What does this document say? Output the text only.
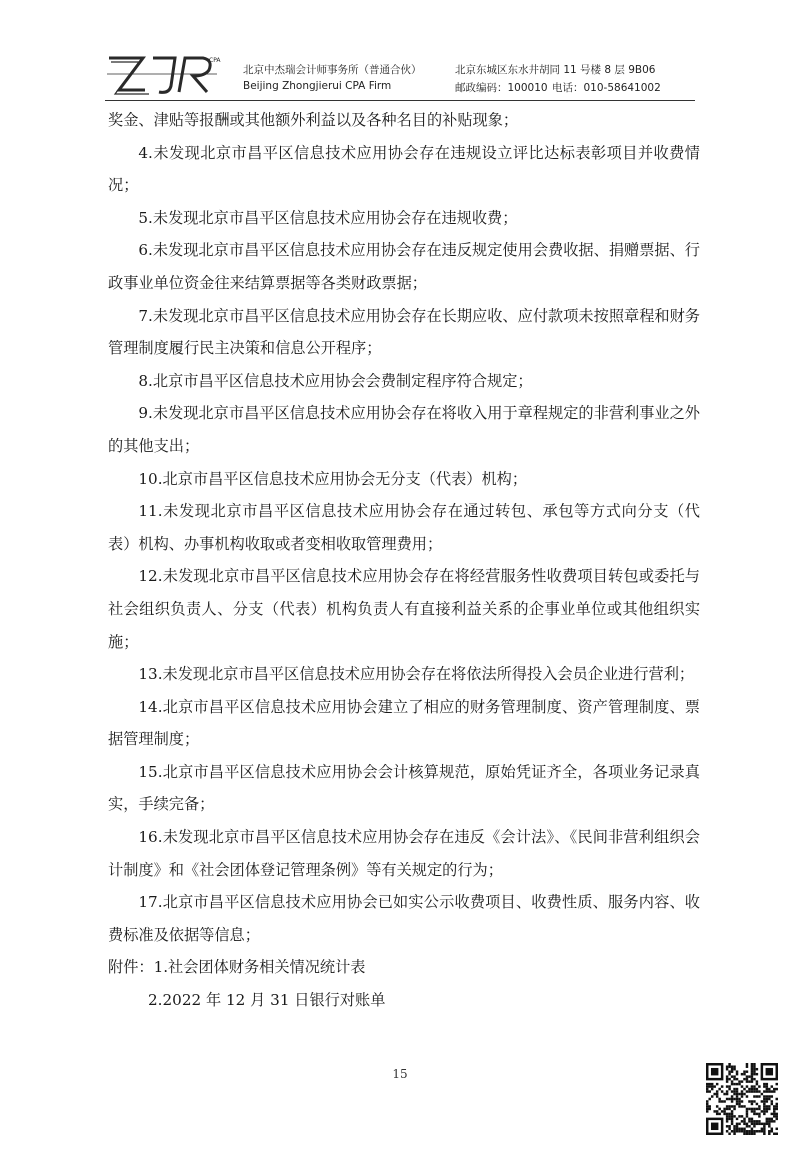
CPA
北京中杰瑞会计师事务所（普通合伙）
Beijing Zhongjierui CPA Firm
北京东城区东水井胡同 11 号楼 8 层 9B06
邮政编码：100010 电话：010-58641002

奖金、津贴等报酬或其他额外利益以及各种名目的补贴现象；

4.未发现北京市昌平区信息技术应用协会存在违规设立评比达标表彰项目并收费情况；

5.未发现北京市昌平区信息技术应用协会存在违规收费；

6.未发现北京市昌平区信息技术应用协会存在违反规定使用会费收据、捐赠票据、行政事业单位资金往来结算票据等各类财政票据；

7.未发现北京市昌平区信息技术应用协会存在长期应收、应付款项未按照章程和财务管理制度履行民主决策和信息公开程序；

8.北京市昌平区信息技术应用协会会费制定程序符合规定；

9.未发现北京市昌平区信息技术应用协会存在将收入用于章程规定的非营利事业之外的其他支出；

10.北京市昌平区信息技术应用协会无分支（代表）机构；

11.未发现北京市昌平区信息技术应用协会存在通过转包、承包等方式向分支（代表）机构、办事机构收取或者变相收取管理费用；

12.未发现北京市昌平区信息技术应用协会存在将经营服务性收费项目转包或委托与社会组织负责人、分支（代表）机构负责人有直接利益关系的企事业单位或其他组织实施；

13.未发现北京市昌平区信息技术应用协会存在将依法所得投入会员企业进行营利；

14.北京市昌平区信息技术应用协会建立了相应的财务管理制度、资产管理制度、票据管理制度；

15.北京市昌平区信息技术应用协会会计核算规范，原始凭证齐全，各项业务记录真实，手续完备；

16.未发现北京市昌平区信息技术应用协会存在违反《会计法》、《民间非营利组织会计制度》和《社会团体登记管理条例》等有关规定的行为；

17.北京市昌平区信息技术应用协会已如实公示收费项目、收费性质、服务内容、收费标准及依据等信息；

附件：1.社会团体财务相关情况统计表

2.2022 年 12 月 31 日银行对账单

15
